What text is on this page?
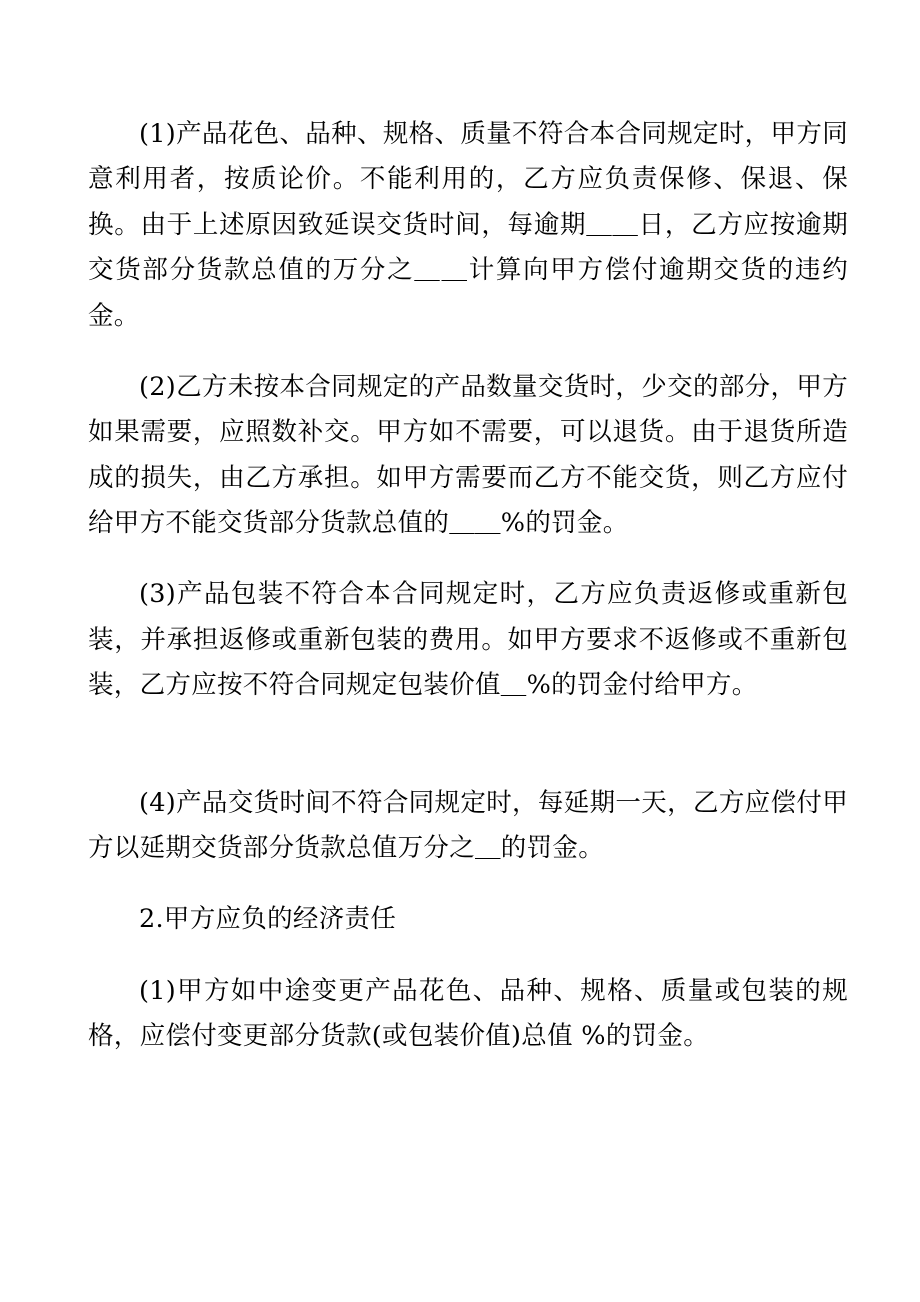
(1)产品花色、品种、规格、质量不符合本合同规定时，甲方同意利用者，按质论价。不能利用的，乙方应负责保修、保退、保换。由于上述原因致延误交货时间，每逾期＿＿日，乙方应按逾期交货部分货款总值的万分之＿＿计算向甲方偿付逾期交货的违约金。

(2)乙方未按本合同规定的产品数量交货时，少交的部分，甲方如果需要，应照数补交。甲方如不需要，可以退货。由于退货所造成的损失，由乙方承担。如甲方需要而乙方不能交货，则乙方应付给甲方不能交货部分货款总值的＿＿%的罚金。

(3)产品包装不符合本合同规定时，乙方应负责返修或重新包装，并承担返修或重新包装的费用。如甲方要求不返修或不重新包装，乙方应按不符合同规定包装价值＿%的罚金付给甲方。

(4)产品交货时间不符合同规定时，每延期一天，乙方应偿付甲方以延期交货部分货款总值万分之＿的罚金。

2.甲方应负的经济责任

(1)甲方如中途变更产品花色、品种、规格、质量或包装的规格，应偿付变更部分货款(或包装价值)总值 %的罚金。
